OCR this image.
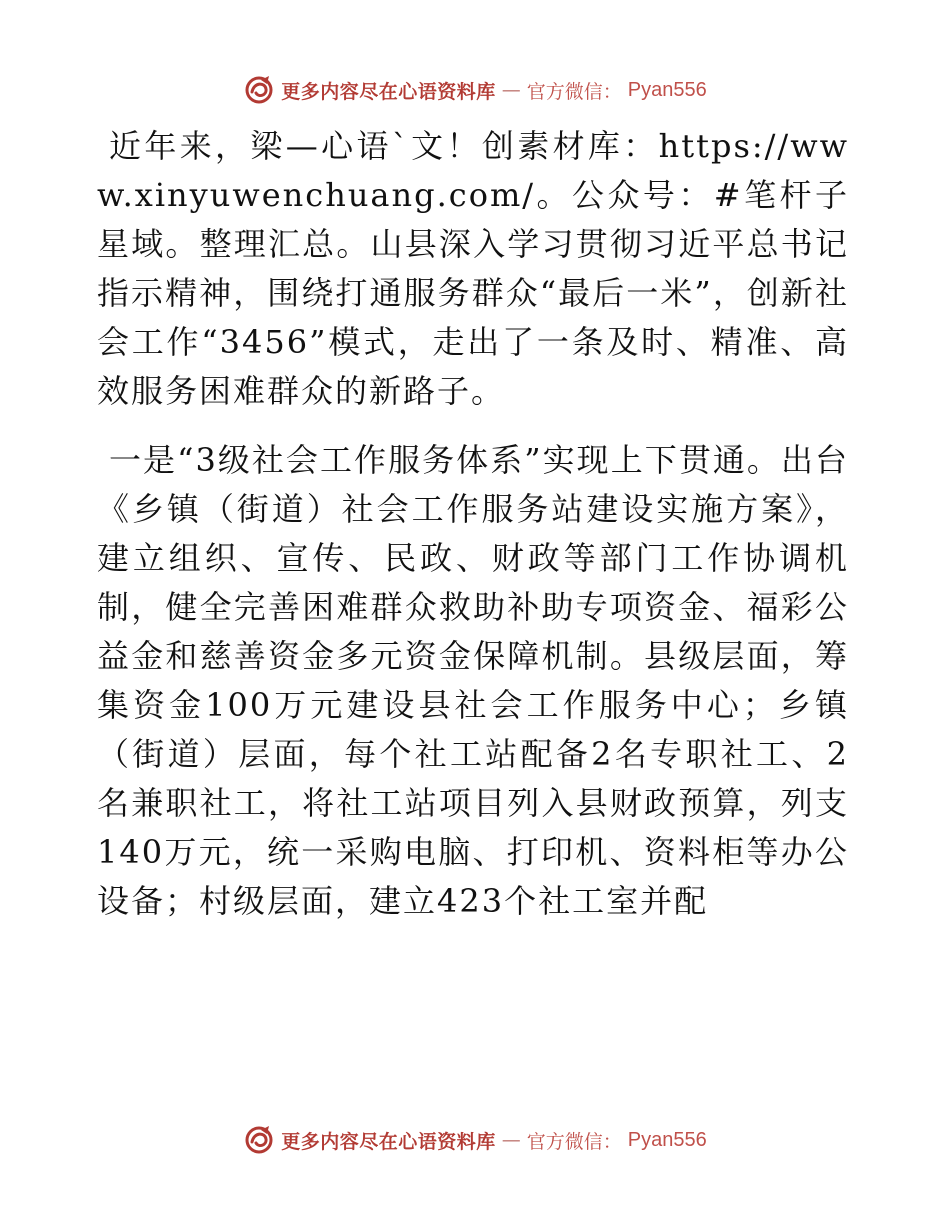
更多内容尽在心语资料库 — 官方微信： Pyan556

近年来，梁—心语`文！创素材库：https://www.xinyuwenchuang.com/。公众号：#笔杆子星域。整理汇总。山县深入学习贯彻习近平总书记指示精神，围绕打通服务群众“最后一米”，创新社会工作“3456”模式，走出了一条及时、精准、高效服务困难群众的新路子。

一是“3级社会工作服务体系”实现上下贯通。出台《乡镇（街道）社会工作服务站建设实施方案》，建立组织、宣传、民政、财政等部门工作协调机制，健全完善困难群众救助补助专项资金、福彩公益金和慈善资金多元资金保障机制。县级层面，筹集资金100万元建设县社会工作服务中心；乡镇（街道）层面，每个社工站配备2名专职社工、2名兼职社工，将社工站项目列入县财政预算，列支140万元，统一采购电脑、打印机、资料柜等办公设备；村级层面，建立423个社工室并配

更多内容尽在心语资料库 — 官方微信： Pyan556
